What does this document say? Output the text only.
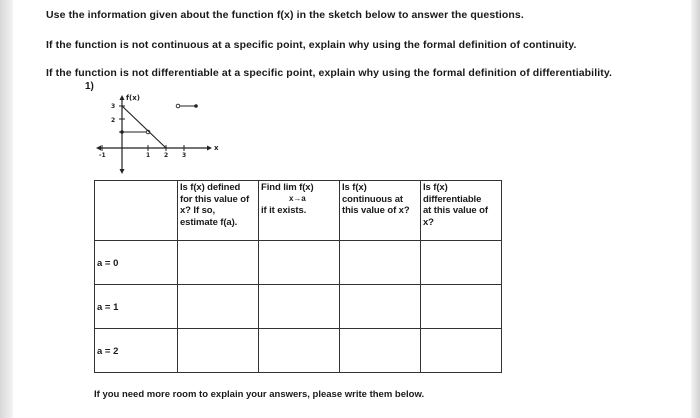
Use the information given about the function f(x) in the sketch below to answer the questions.
If the function is not continuous at a specific point, explain why using the formal definition of continuity.
If the function is not differentiable at a specific point, explain why using the formal definition of differentiability.
1)
3
2
-1	1 2 3
x
f(x)

	Is f(x) defined
for this value of
x? If so,
estimate f(a).	Find lim f(x)
x→a
if it exists.	Is f(x)
continuous at
this value of x?	Is f(x)
differentiable
at this value of
x?

a = 0				

a = 1				

a = 2				

If you need more room to explain your answers, please write them below.
